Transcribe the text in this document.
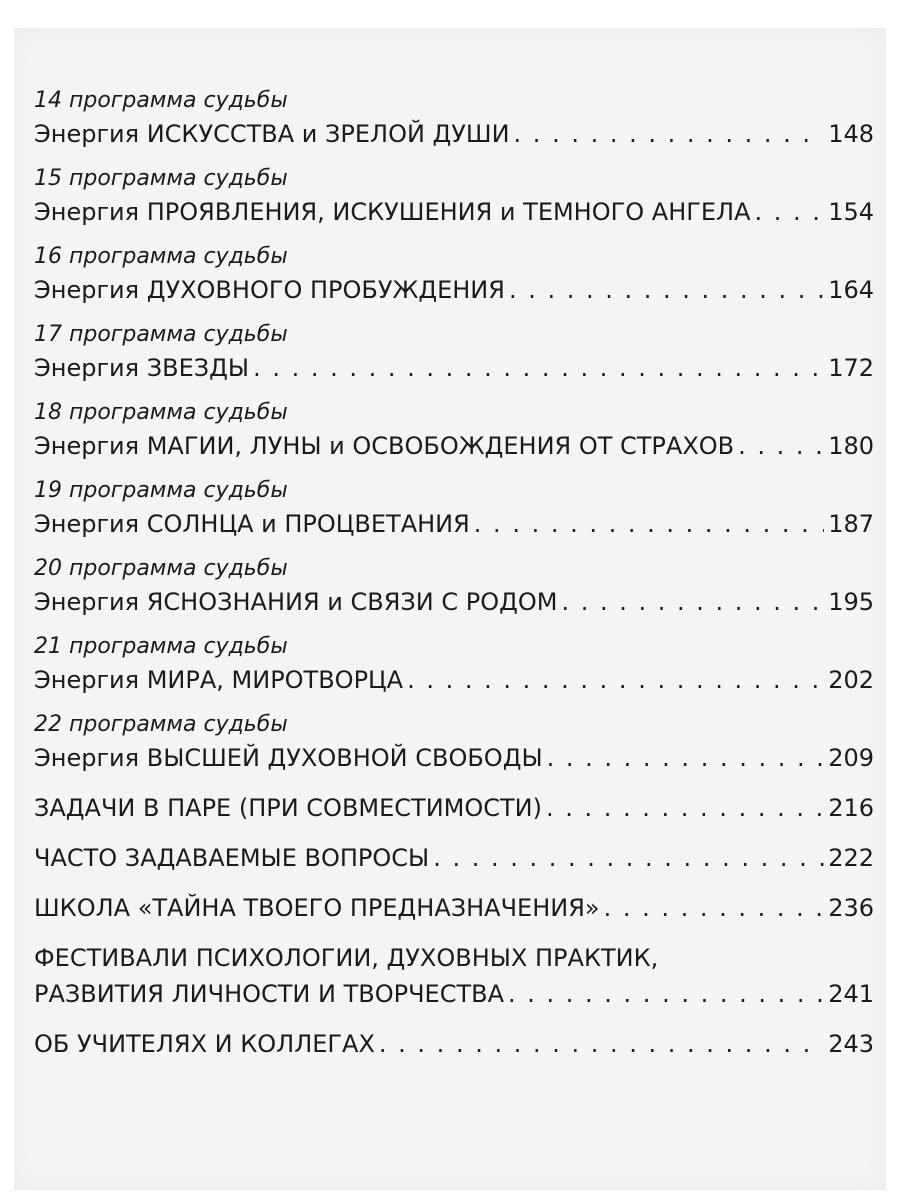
14 программа судьбы
Энергия ИСКУССТВА и ЗРЕЛОЙ ДУШИ . . .	148
15 программа судьбы
Энергия ПРОЯВЛЕНИЯ, ИСКУШЕНИЯ и ТЕМНОГО АНГЕЛА . . .	154
16 программа судьбы
Энергия ДУХОВНОГО ПРОБУЖДЕНИЯ . . .	164
17 программа судьбы
Энергия ЗВЕЗДЫ . . .	172
18 программа судьбы
Энергия МАГИИ, ЛУНЫ и ОСВОБОЖДЕНИЯ ОТ СТРАХОВ . . .	180
19 программа судьбы
Энергия СОЛНЦА и ПРОЦВЕТАНИЯ . . .	187
20 программа судьбы
Энергия ЯСНОЗНАНИЯ и СВЯЗИ С РОДОМ . . .	195
21 программа судьбы
Энергия МИРА, МИРОТВОРЦА . . .	202
22 программа судьбы
Энергия ВЫСШЕЙ ДУХОВНОЙ СВОБОДЫ . . .	209
ЗАДАЧИ В ПАРЕ (ПРИ СОВМЕСТИМОСТИ) . . .	216
ЧАСТО ЗАДАВАЕМЫЕ ВОПРОСЫ . . .	222
ШКОЛА «ТАЙНА ТВОЕГО ПРЕДНАЗНАЧЕНИЯ» . . .	236
ФЕСТИВАЛИ ПСИХОЛОГИИ, ДУХОВНЫХ ПРАКТИК,
РАЗВИТИЯ ЛИЧНОСТИ И ТВОРЧЕСТВА . . .	241
ОБ УЧИТЕЛЯХ И КОЛЛЕГАХ . . .	243
